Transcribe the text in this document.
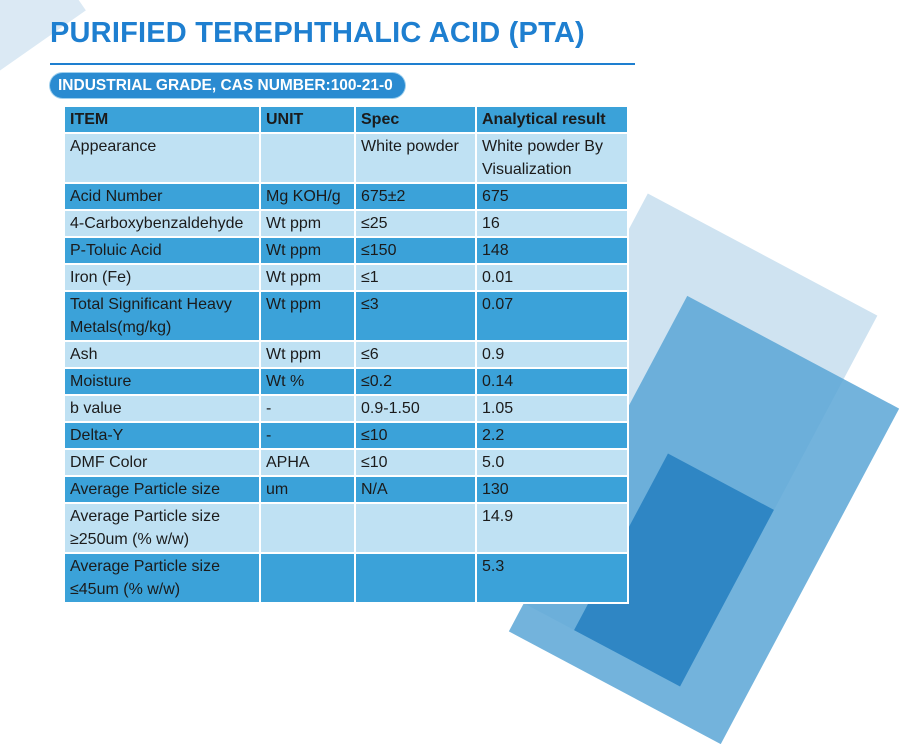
PURIFIED TEREPHTHALIC ACID (PTA)
INDUSTRIAL GRADE, CAS NUMBER:100-21-0
ITEM	UNIT	Spec	Analytical result
Appearance		White powder	White powder By Visualization
Acid Number	Mg KOH/g	675±2	675
4-Carboxybenzaldehyde	Wt ppm	≤25	16
P-Toluic Acid	Wt ppm	≤150	148
Iron (Fe)	Wt ppm	≤1	0.01
Total Significant Heavy Metals(mg/kg)	Wt ppm	≤3	0.07
Ash	Wt ppm	≤6	0.9
Moisture	Wt %	≤0.2	0.14
b value	-	0.9-1.50	1.05
Delta-Y	-	≤10	2.2
DMF Color	APHA	≤10	5.0
Average Particle size	um	N/A	130
Average Particle size ≥250um (% w/w)			14.9
Average Particle size ≤45um (% w/w)			5.3
